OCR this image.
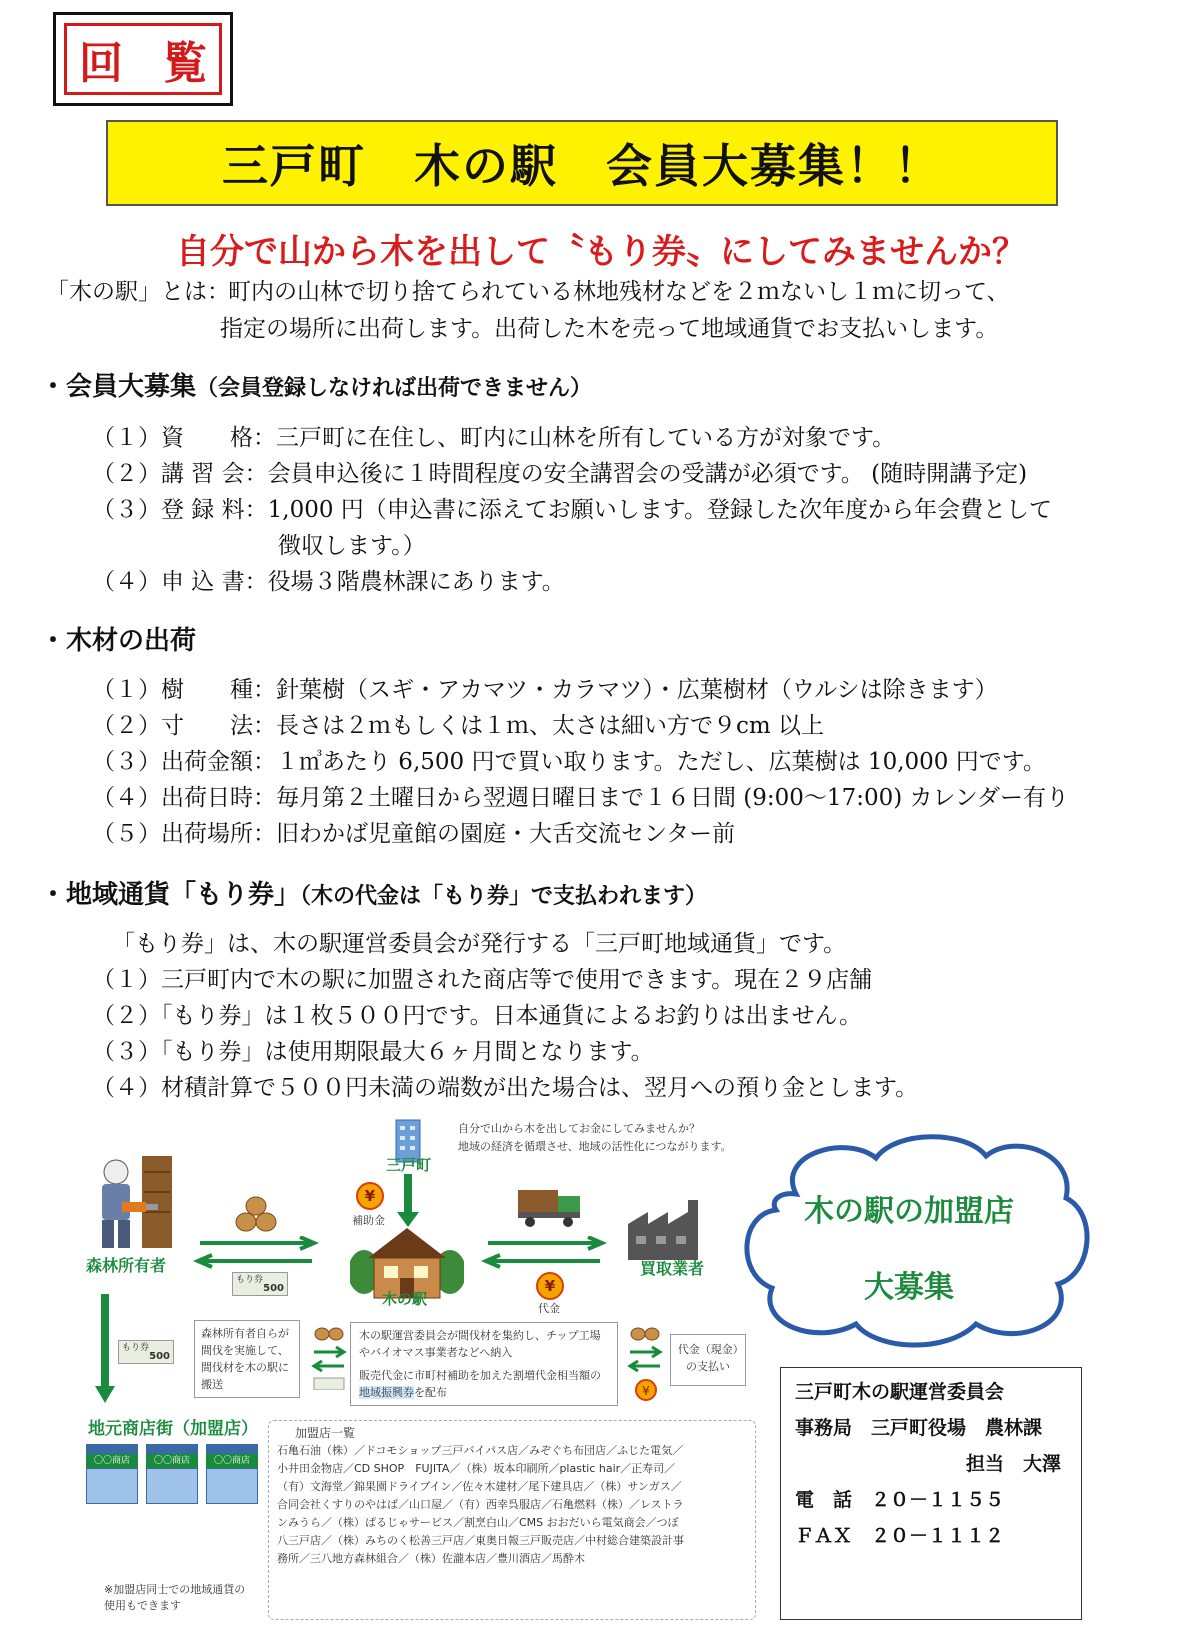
回覧
三戸町　木の駅　会員大募集！！
自分で山から木を出して〝もり券〟にしてみませんか？
「木の駅」とは：
町内の山林で切り捨てられている林地残材などを２ｍないし１ｍに切って、
指定の場所に出荷します。出荷した木を売って地域通貨でお支払いします。
・会員大募集（会員登録しなければ出荷できません）
（１）資　　格：三戸町に在住し、町内に山林を所有している方が対象です。
（２）講 習 会：会員申込後に１時間程度の安全講習会の受講が必須です。 (随時開講予定)
（３）登 録 料：1,000 円（申込書に添えてお願いします。登録した次年度から年会費として
徴収します。）
（４）申 込 書：役場３階農林課にあります。
・木材の出荷
（１）樹　　種：針葉樹（スギ・アカマツ・カラマツ）・広葉樹材（ウルシは除きます）
（２）寸　　法：長さは２ｍもしくは１ｍ、太さは細い方で９cm 以上
（３）出荷金額：１㎥あたり 6,500 円で買い取ります。ただし、広葉樹は 10,000 円です。
（４）出荷日時：毎月第２土曜日から翌週日曜日まで１６日間 (9:00〜17:00) カレンダー有り
（５）出荷場所：旧わかば児童館の園庭・大舌交流センター前
・地域通貨「もり券」（木の代金は「もり券」で支払われます）
「もり券」は、木の駅運営委員会が発行する「三戸町地域通貨」です。
（１）三戸町内で木の駅に加盟された商店等で使用できます。現在２９店舗
（２）「もり券」は１枚５００円です。日本通貨によるお釣りは出ません。
（３）「もり券」は使用期限最大６ヶ月間となります。
（４）材積計算で５００円未満の端数が出た場合は、翌月への預り金とします。
自分で山から木を出してお金にしてみませんか？
地域の経済を循環させ、地域の活性化につながります。
三戸町
¥
補助金
森林所有者
もり券
500
木の駅
¥
代金
買取業者
木の駅の加盟店
大募集
もり券
500
森林所有者自らが間伐を実施して、間伐材を木の駅に搬送
木の駅運営委員会が間伐材を集約し、チップ工場やバイオマス事業者などへ納入
販売代金に市町村補助を加えた割増代金相当額の地域振興券を配布	¥
代金（現金）の支払い
地元商店街（加盟店）
〇〇商店	〇〇商店	〇〇商店
※加盟店同士での地域通貨の使用もできます
加盟店一覧
石亀石油（株）／ドコモショップ三戸バイパス店／みぞぐち布団店／ふじた電気／
小井田金物店／CD SHOP　FUJITA／（株）坂本印刷所／plastic hair／正寿司／
（有）文海堂／錦果園ドライブイン／佐々木建材／尾下建具店／（株）サンガス／
合同会社くすりのやはば／山口屋／（有）西幸呉服店／石亀燃料（株）／レストラ
ンみうら／（株）ぱるじゃサービス／割烹白山／CMS おおだいら電気商会／つぼ
八三戸店／（株）みちのく松善三戸店／東奥日報三戸販売店／中村総合建築設計事
務所／三八地方森林組合／（株）佐瀧本店／豊川酒店／馬酔木
三戸町木の駅運営委員会
事務局　三戸町役場　農林課
担当　大澤
電　話　２０－１１５５
ＦＡＸ　２０－１１１２
